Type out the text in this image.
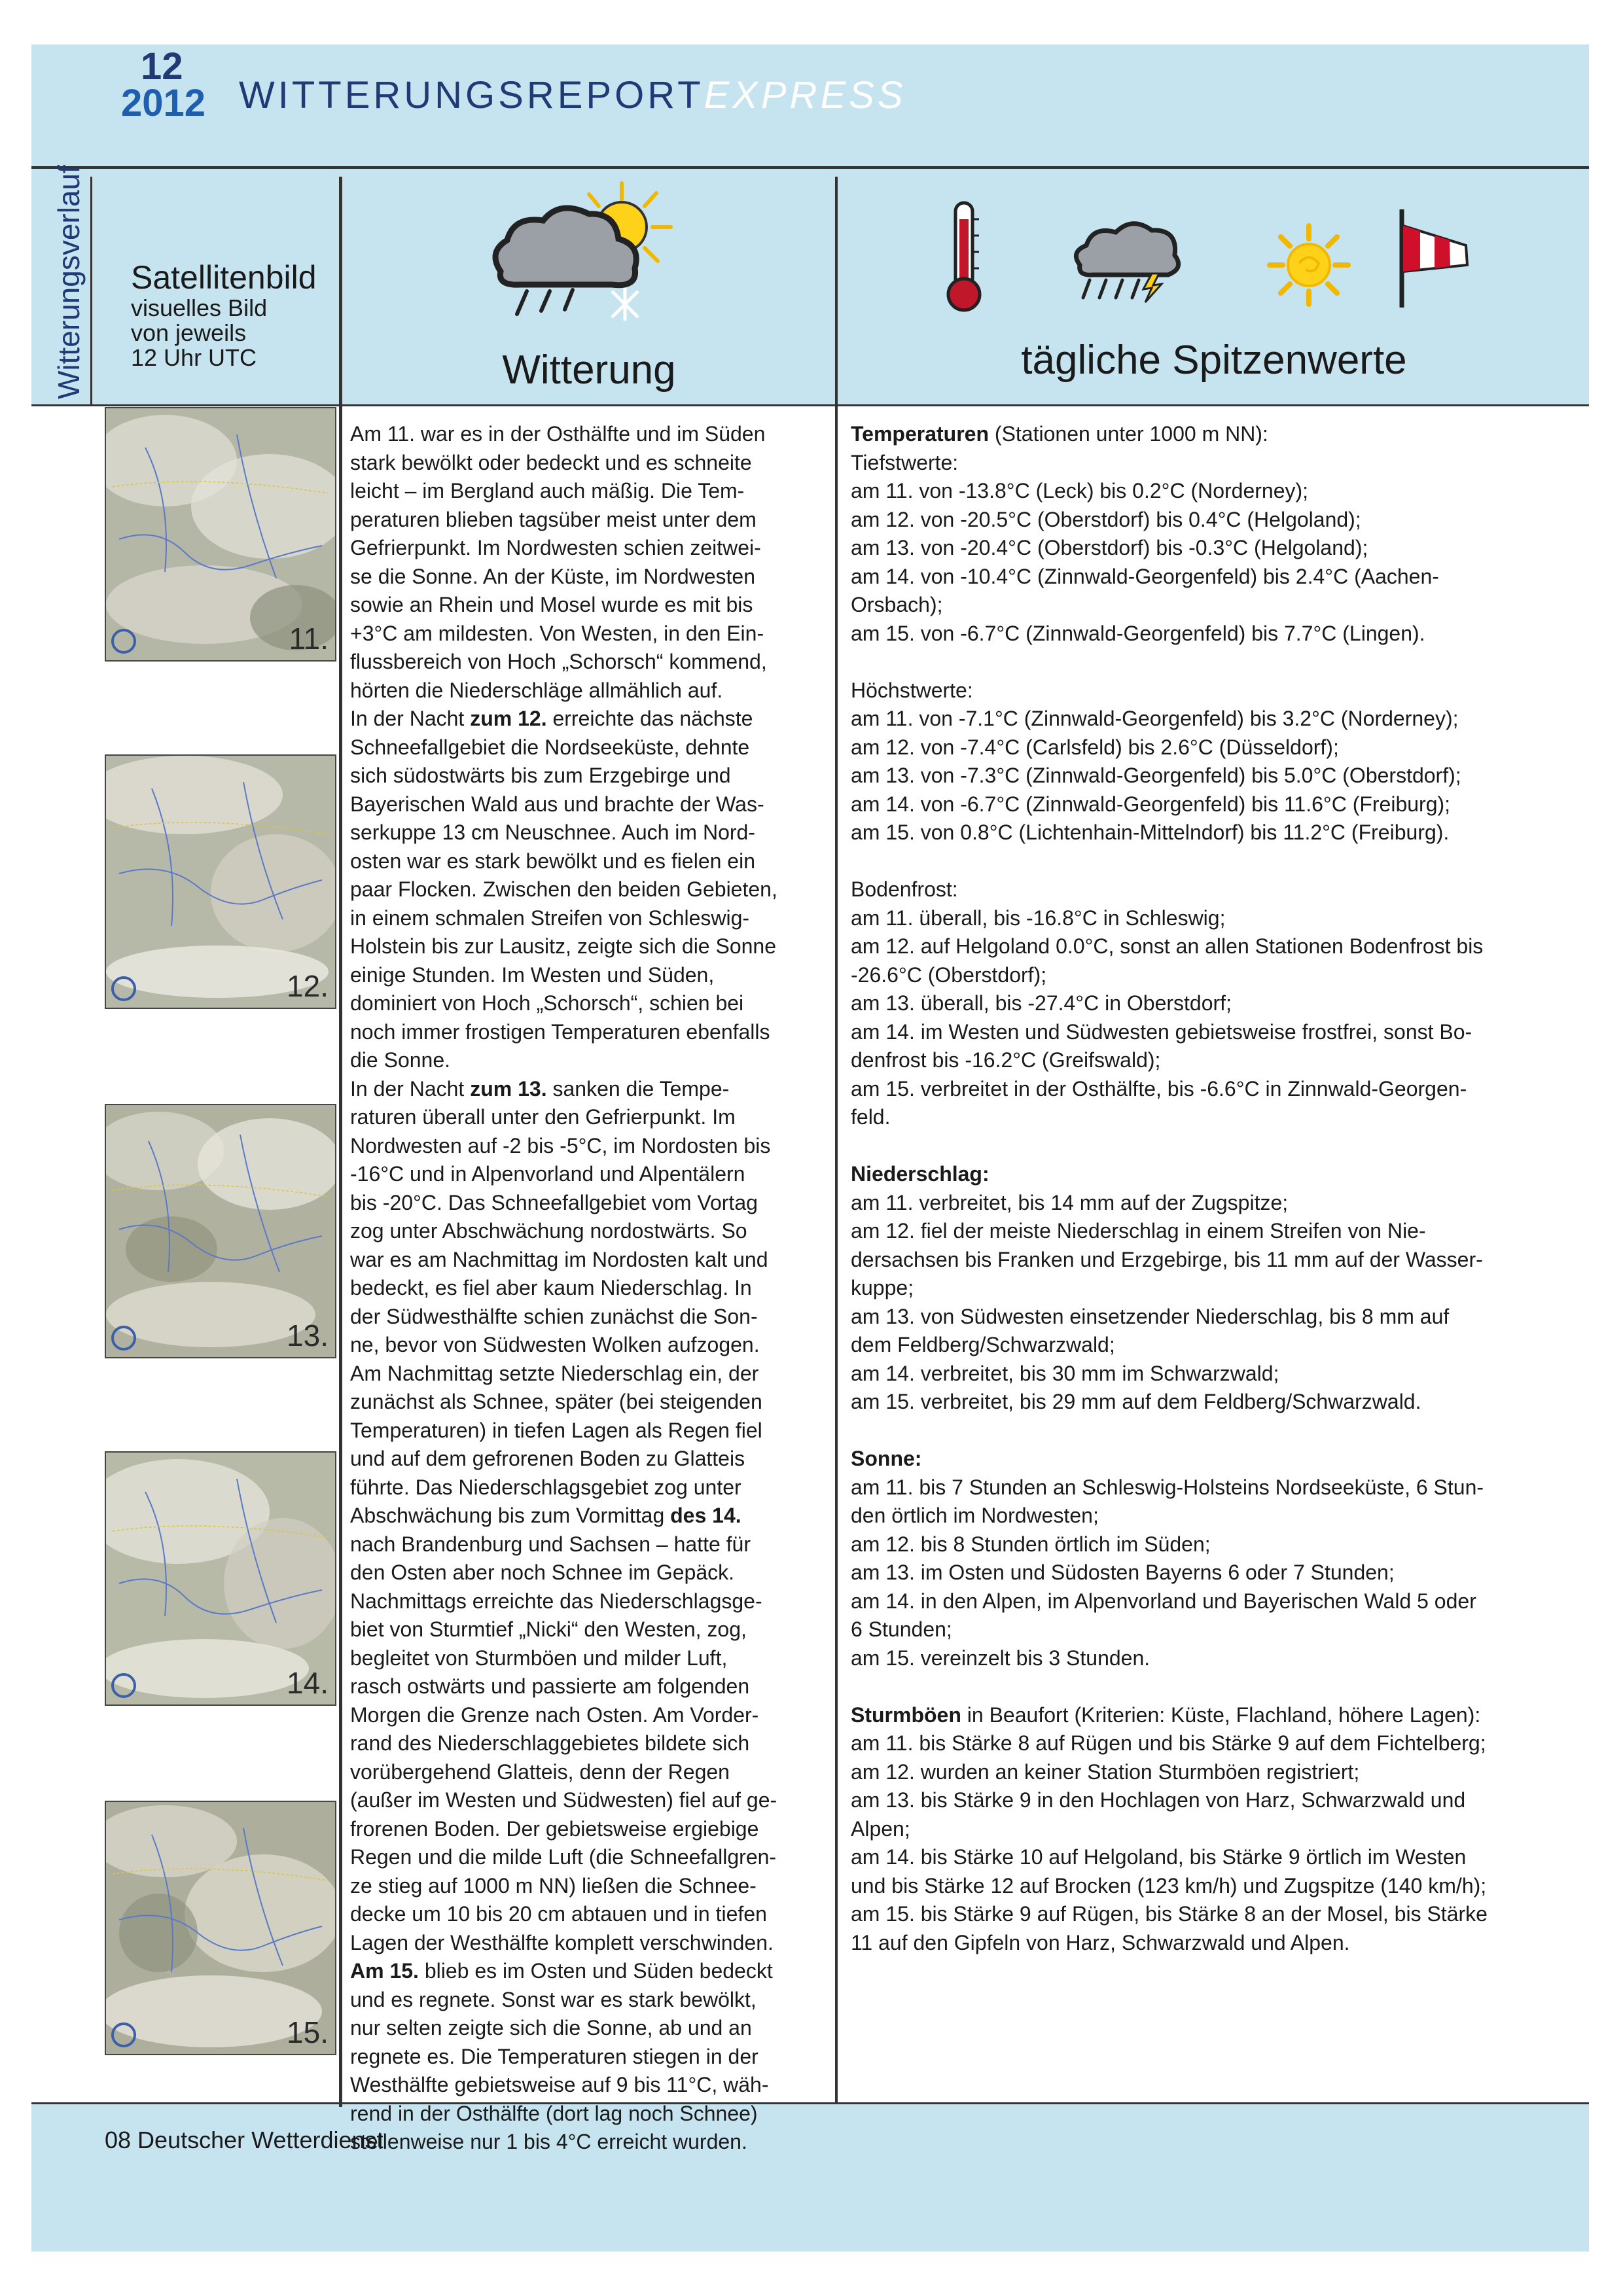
12
2012 WITTERUNGSREPORTEXPRESS
Witterungsverlauf Satellitenbild
visuelles Bild
von jeweils
12 Uhr UTC	Witterung	tägliche Spitzenwerte
11.
12.
13.
14.
15.

Am 11. war es in der Osthälfte und im Süden

stark bewölkt oder bedeckt und es schneite

leicht – im Bergland auch mäßig. Die Tem-

peraturen blieben tagsüber meist unter dem

Gefrierpunkt. Im Nordwesten schien zeitwei-

se die Sonne. An der Küste, im Nordwesten

sowie an Rhein und Mosel wurde es mit bis

+3°C am mildesten. Von Westen, in den Ein-

flussbereich von Hoch „Schorsch“ kommend,

hörten die Niederschläge allmählich auf.

In der Nacht zum 12. erreichte das nächste

Schneefallgebiet die Nordseeküste, dehnte

sich südostwärts bis zum Erzgebirge und

Bayerischen Wald aus und brachte der Was-

serkuppe 13 cm Neuschnee. Auch im Nord-

osten war es stark bewölkt und es fielen ein

paar Flocken. Zwischen den beiden Gebieten,

in einem schmalen Streifen von Schleswig-

Holstein bis zur Lausitz, zeigte sich die Sonne

einige Stunden. Im Westen und Süden,

dominiert von Hoch „Schorsch“, schien bei

noch immer frostigen Temperaturen ebenfalls

die Sonne.

In der Nacht zum 13. sanken die Tempe-

raturen überall unter den Gefrierpunkt. Im

Nordwesten auf -2 bis -5°C, im Nordosten bis

-16°C und in Alpenvorland und Alpentälern

bis -20°C. Das Schneefallgebiet vom Vortag

zog unter Abschwächung nordostwärts. So

war es am Nachmittag im Nordosten kalt und

bedeckt, es fiel aber kaum Niederschlag. In

der Südwesthälfte schien zunächst die Son-

ne, bevor von Südwesten Wolken aufzogen.

Am Nachmittag setzte Niederschlag ein, der

zunächst als Schnee, später (bei steigenden

Temperaturen) in tiefen Lagen als Regen fiel

und auf dem gefrorenen Boden zu Glatteis

führte. Das Niederschlagsgebiet zog unter

Abschwächung bis zum Vormittag des 14.

nach Brandenburg und Sachsen – hatte für

den Osten aber noch Schnee im Gepäck.

Nachmittags erreichte das Niederschlagsge-

biet von Sturmtief „Nicki“ den Westen, zog,

begleitet von Sturmböen und milder Luft,

rasch ostwärts und passierte am folgenden

Morgen die Grenze nach Osten. Am Vorder-

rand des Niederschlaggebietes bildete sich

vorübergehend Glatteis, denn der Regen

(außer im Westen und Südwesten) fiel auf ge-

frorenen Boden. Der gebietsweise ergiebige

Regen und die milde Luft (die Schneefallgren-

ze stieg auf 1000 m NN) ließen die Schnee-

decke um 10 bis 20 cm abtauen und in tiefen

Lagen der Westhälfte komplett verschwinden.

Am 15. blieb es im Osten und Süden bedeckt

und es regnete. Sonst war es stark bewölkt,

nur selten zeigte sich die Sonne, ab und an

regnete es. Die Temperaturen stiegen in der

Westhälfte gebietsweise auf 9 bis 11°C, wäh-

rend in der Osthälfte (dort lag noch Schnee)

stellenweise nur 1 bis 4°C erreicht wurden.

Temperaturen (Stationen unter 1000 m NN):

Tiefstwerte:

am 11. von -13.8°C (Leck) bis 0.2°C (Norderney);

am 12. von -20.5°C (Oberstdorf) bis 0.4°C (Helgoland);

am 13. von -20.4°C (Oberstdorf) bis -0.3°C (Helgoland);

am 14. von -10.4°C (Zinnwald-Georgenfeld) bis 2.4°C (Aachen-

Orsbach);

am 15. von -6.7°C (Zinnwald-Georgenfeld) bis 7.7°C (Lingen).

Höchstwerte:

am 11. von -7.1°C (Zinnwald-Georgenfeld) bis 3.2°C (Norderney);

am 12. von -7.4°C (Carlsfeld) bis 2.6°C (Düsseldorf);

am 13. von -7.3°C (Zinnwald-Georgenfeld) bis 5.0°C (Oberstdorf);

am 14. von -6.7°C (Zinnwald-Georgenfeld) bis 11.6°C (Freiburg);

am 15. von 0.8°C (Lichtenhain-Mittelndorf) bis 11.2°C (Freiburg).

Bodenfrost:

am 11. überall, bis -16.8°C in Schleswig;

am 12. auf Helgoland 0.0°C, sonst an allen Stationen Bodenfrost bis

-26.6°C (Oberstdorf);

am 13. überall, bis -27.4°C in Oberstdorf;

am 14. im Westen und Südwesten gebietsweise frostfrei, sonst Bo-

denfrost bis -16.2°C (Greifswald);

am 15. verbreitet in der Osthälfte, bis -6.6°C in Zinnwald-Georgen-

feld.

Niederschlag:

am 11. verbreitet, bis 14 mm auf der Zugspitze;

am 12. fiel der meiste Niederschlag in einem Streifen von Nie-

dersachsen bis Franken und Erzgebirge, bis 11 mm auf der Wasser-

kuppe;

am 13. von Südwesten einsetzender Niederschlag, bis 8 mm auf

dem Feldberg/Schwarzwald;

am 14. verbreitet, bis 30 mm im Schwarzwald;

am 15. verbreitet, bis 29 mm auf dem Feldberg/Schwarzwald.

Sonne:

am 11. bis 7 Stunden an Schleswig-Holsteins Nordseeküste, 6 Stun-

den örtlich im Nordwesten;

am 12. bis 8 Stunden örtlich im Süden;

am 13. im Osten und Südosten Bayerns 6 oder 7 Stunden;

am 14. in den Alpen, im Alpenvorland und Bayerischen Wald 5 oder

6 Stunden;

am 15. vereinzelt bis 3 Stunden.

Sturmböen in Beaufort (Kriterien: Küste, Flachland, höhere Lagen):

am 11. bis Stärke 8 auf Rügen und bis Stärke 9 auf dem Fichtelberg;

am 12. wurden an keiner Station Sturmböen registriert;

am 13. bis Stärke 9 in den Hochlagen von Harz, Schwarzwald und

Alpen;

am 14. bis Stärke 10 auf Helgoland, bis Stärke 9 örtlich im Westen

und bis Stärke 12 auf Brocken (123 km/h) und Zugspitze (140 km/h);

am 15. bis Stärke 9 auf Rügen, bis Stärke 8 an der Mosel, bis Stärke

11 auf den Gipfeln von Harz, Schwarzwald und Alpen.

08 Deutscher Wetterdienst
